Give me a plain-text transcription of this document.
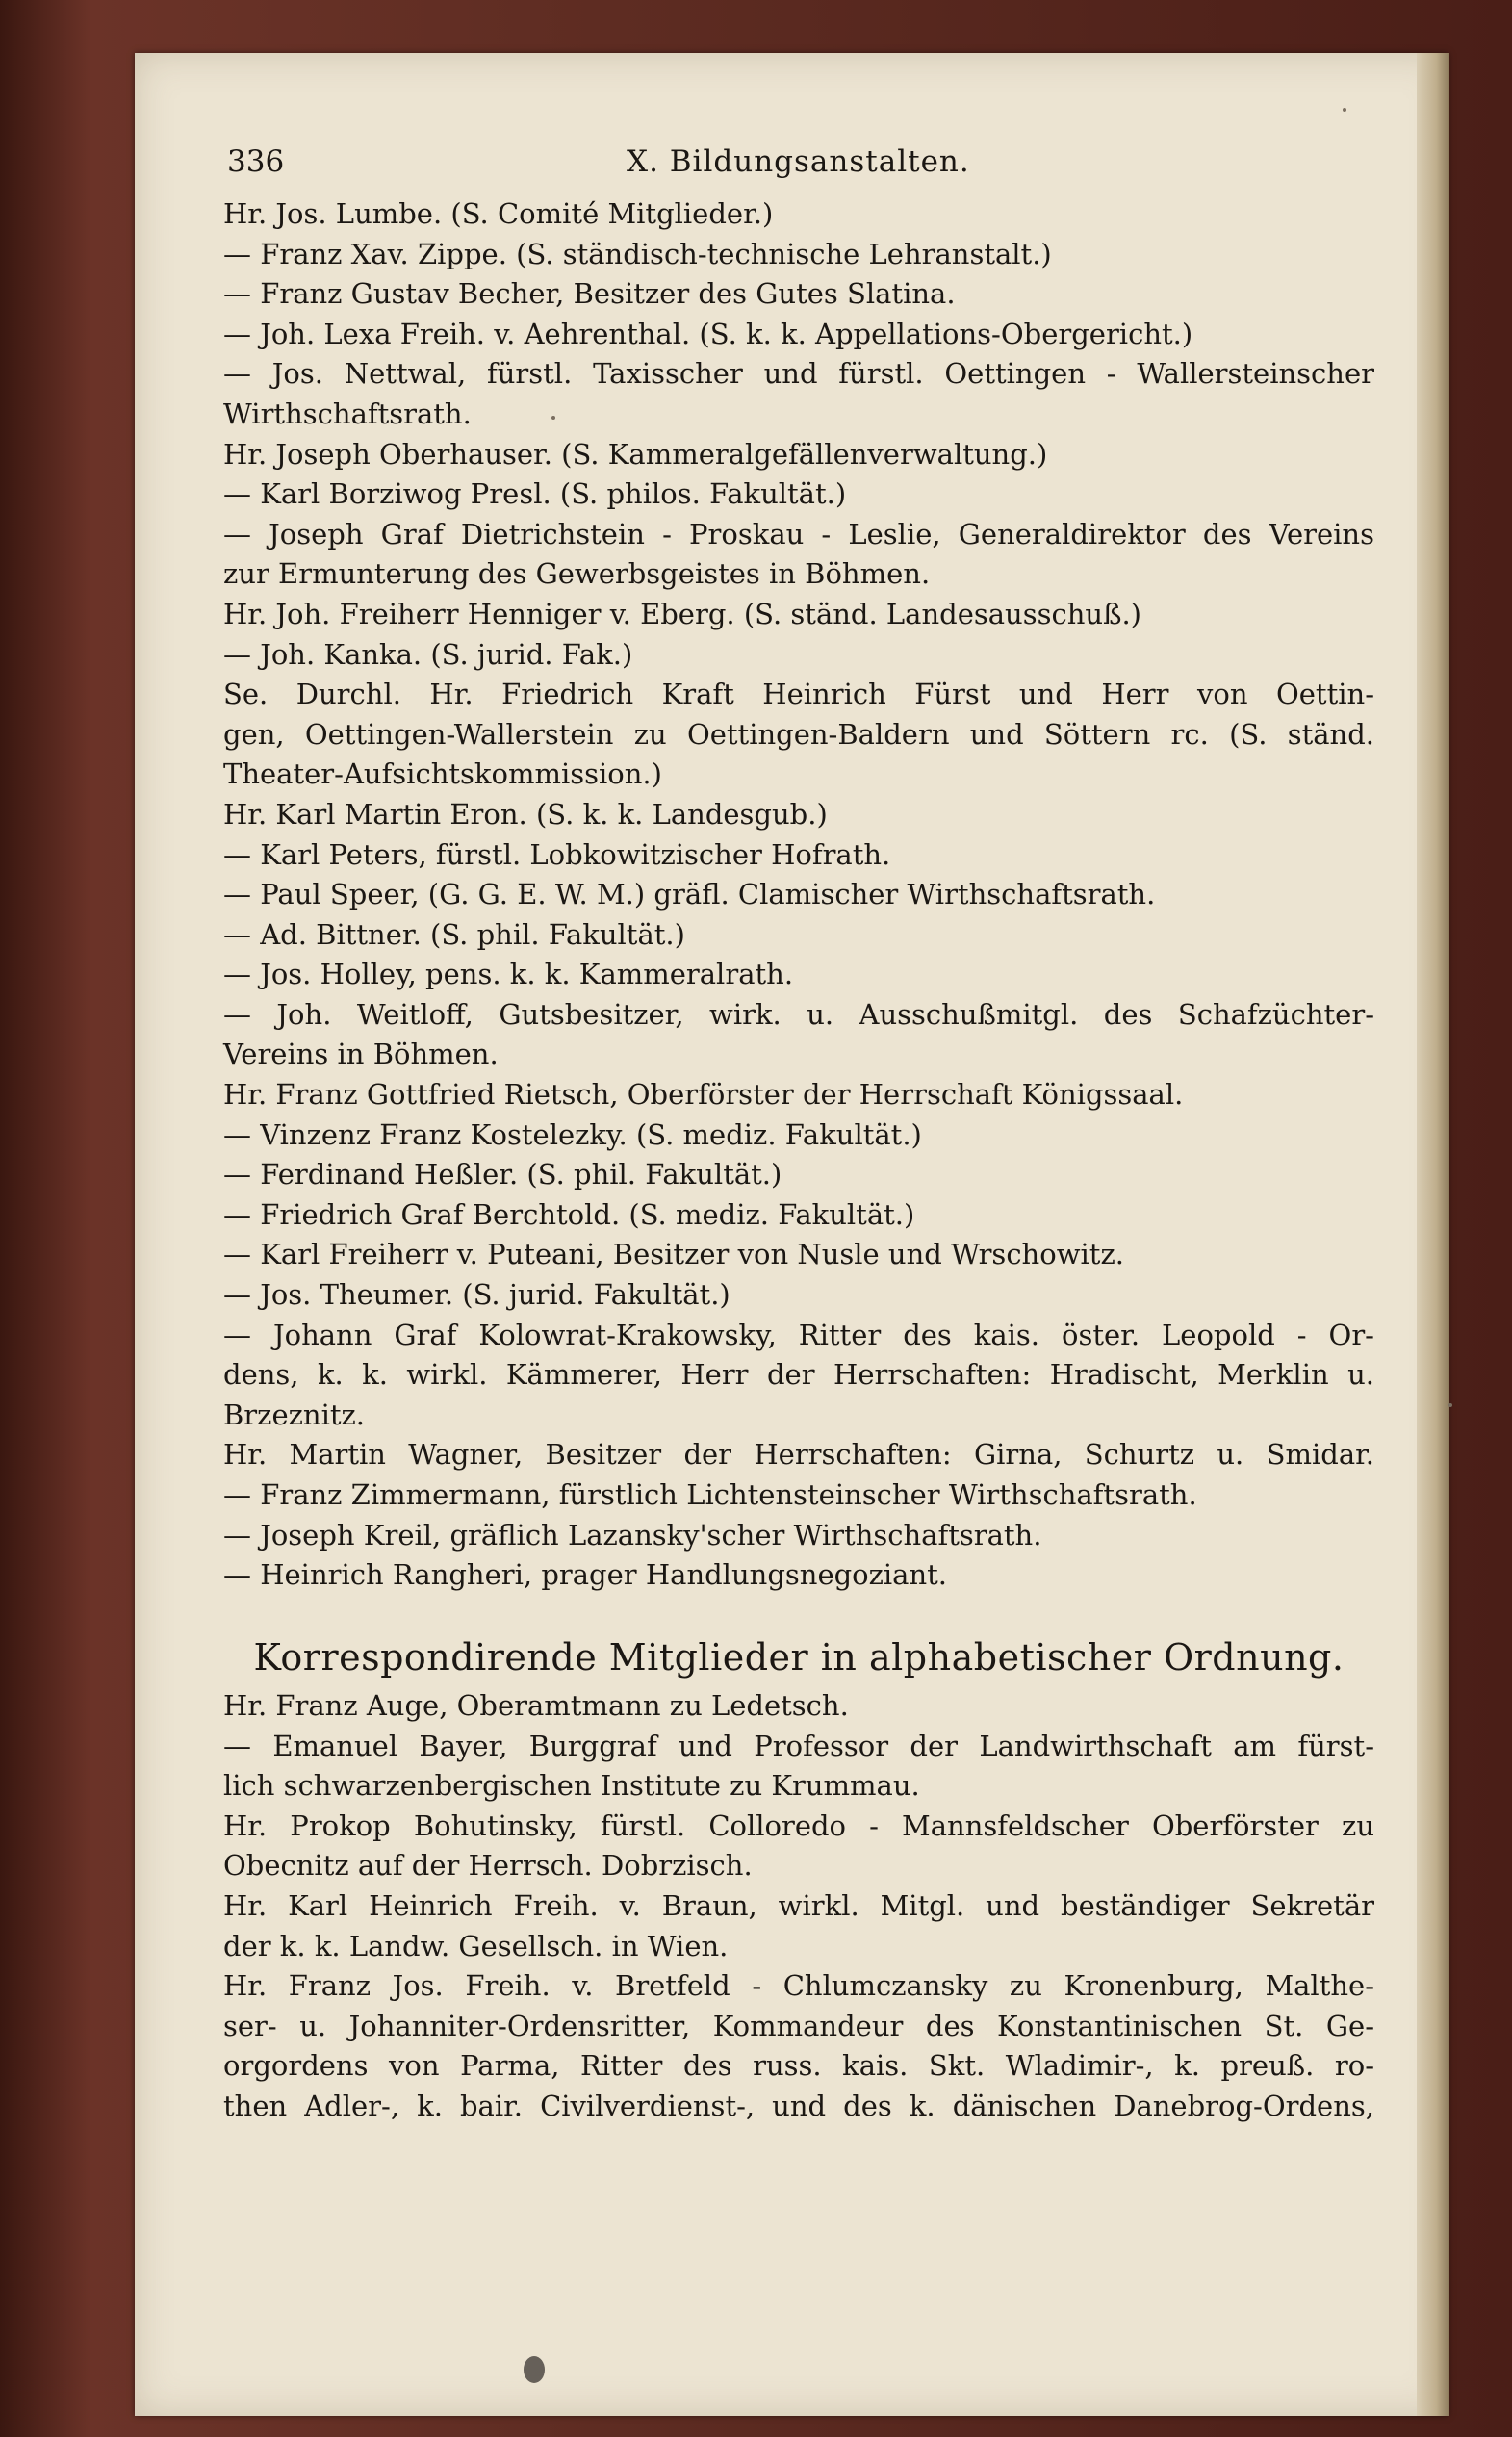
336	X. Bildungsanstalten.
Hr. Jos. Lumbe. (S. Comité Mitglieder.)
— Franz Xav. Zippe. (S. ständisch-technische Lehranstalt.)
— Franz Gustav Becher, Besitzer des Gutes Slatina.
— Joh. Lexa Freih. v. Aehrenthal. (S. k. k. Appellations-Obergericht.)
— Jos. Nettwal, fürstl. Taxisscher und fürstl. Oettingen - Wallersteinscher
Wirthschaftsrath.
Hr. Joseph Oberhauser. (S. Kammeralgefällenverwaltung.)
— Karl Borziwog Presl. (S. philos. Fakultät.)
— Joseph Graf Dietrichstein - Proskau - Leslie, Generaldirektor des Vereins
zur Ermunterung des Gewerbsgeistes in Böhmen.
Hr. Joh. Freiherr Henniger v. Eberg. (S. ständ. Landesausschuß.)
— Joh. Kanka. (S. jurid. Fak.)
Se. Durchl. Hr. Friedrich Kraft Heinrich Fürst und Herr von Oettin-
gen, Oettingen-Wallerstein zu Oettingen-Baldern und Söttern rc. (S. ständ.
Theater-Aufsichtskommission.)
Hr. Karl Martin Eron. (S. k. k. Landesgub.)
— Karl Peters, fürstl. Lobkowitzischer Hofrath.
— Paul Speer, (G. G. E. W. M.) gräfl. Clamischer Wirthschaftsrath.
— Ad. Bittner. (S. phil. Fakultät.)
— Jos. Holley, pens. k. k. Kammeralrath.
— Joh. Weitloff, Gutsbesitzer, wirk. u. Ausschußmitgl. des Schafzüchter-
Vereins in Böhmen.
Hr. Franz Gottfried Rietsch, Oberförster der Herrschaft Königssaal.
— Vinzenz Franz Kostelezky. (S. mediz. Fakultät.)
— Ferdinand Heßler. (S. phil. Fakultät.)
— Friedrich Graf Berchtold. (S. mediz. Fakultät.)
— Karl Freiherr v. Puteani, Besitzer von Nusle und Wrschowitz.
— Jos. Theumer. (S. jurid. Fakultät.)
— Johann Graf Kolowrat-Krakowsky, Ritter des kais. öster. Leopold - Or-
dens, k. k. wirkl. Kämmerer, Herr der Herrschaften: Hradischt, Merklin u.
Brzeznitz.
Hr. Martin Wagner, Besitzer der Herrschaften: Girna, Schurtz u. Smidar.
— Franz Zimmermann, fürstlich Lichtensteinscher Wirthschaftsrath.
— Joseph Kreil, gräflich Lazansky'scher Wirthschaftsrath.
— Heinrich Rangheri, prager Handlungsnegoziant.
Korrespondirende Mitglieder in alphabetischer Ordnung.
Hr. Franz Auge, Oberamtmann zu Ledetsch.
— Emanuel Bayer, Burggraf und Professor der Landwirthschaft am fürst-
lich schwarzenbergischen Institute zu Krummau.
Hr. Prokop Bohutinsky, fürstl. Colloredo - Mannsfeldscher Oberförster zu
Obecnitz auf der Herrsch. Dobrzisch.
Hr. Karl Heinrich Freih. v. Braun, wirkl. Mitgl. und beständiger Sekretär
der k. k. Landw. Gesellsch. in Wien.
Hr. Franz Jos. Freih. v. Bretfeld - Chlumczansky zu Kronenburg, Malthe-
ser- u. Johanniter-Ordensritter, Kommandeur des Konstantinischen St. Ge-
orgordens von Parma, Ritter des russ. kais. Skt. Wladimir-, k. preuß. ro-
then Adler-, k. bair. Civilverdienst-, und des k. dänischen Danebrog-Ordens,
